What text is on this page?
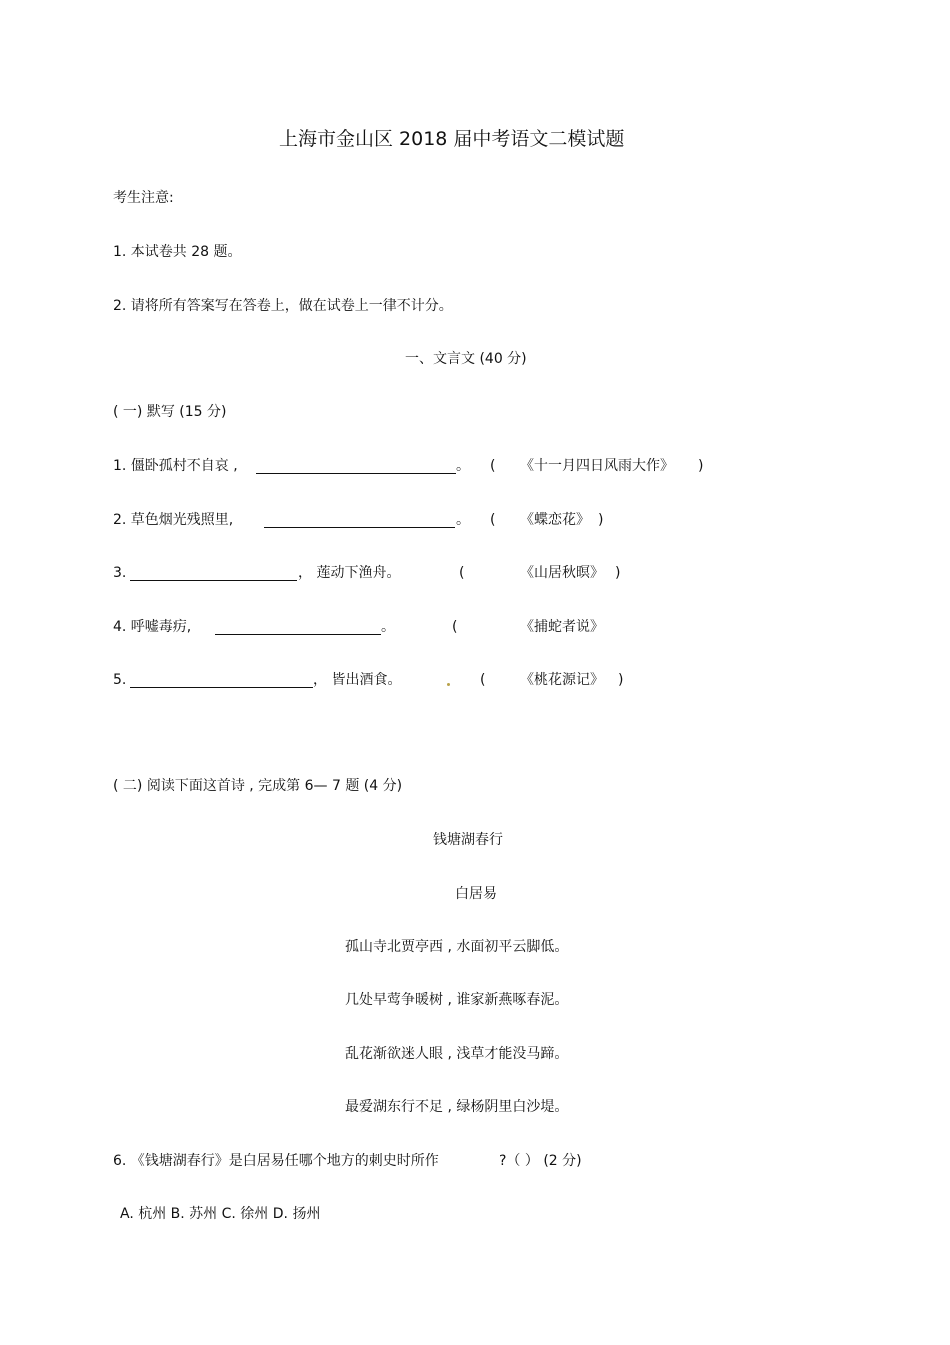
上海市金山区 2018 届中考语文二模试题
考生注意:
1. 本试卷共 28 题。
2. 请将所有答案写在答卷上，做在试卷上一律不计分。
一、文言文 (40 分)
( 一) 默写 (15 分)
1. 僵卧孤村不自哀 ,	。 ( 《十一月四日风雨大作》 )
2. 草色烟光残照里,	。 ( 《蝶恋花》 )
3.	， 莲动下渔舟。	(	《山居秋暝》 )
4. 呼嘘毒疠,	。	(	《捕蛇者说》
5.	， 皆出酒食。	( 《桃花源记》 )
( 二) 阅读下面这首诗 , 完成第 6— 7 题 (4 分)
钱塘湖春行
白居易
孤山寺北贾亭西 , 水面初平云脚低。
几处早莺争暖树 , 谁家新燕啄春泥。
乱花渐欲迷人眼 , 浅草才能没马蹄。
最爱湖东行不足 , 绿杨阴里白沙堤。
6. 《钱塘湖春行》是白居易任哪个地方的刺史时所作	?（ ） (2 分)
A. 杭州 B. 苏州 C. 徐州 D. 扬州
